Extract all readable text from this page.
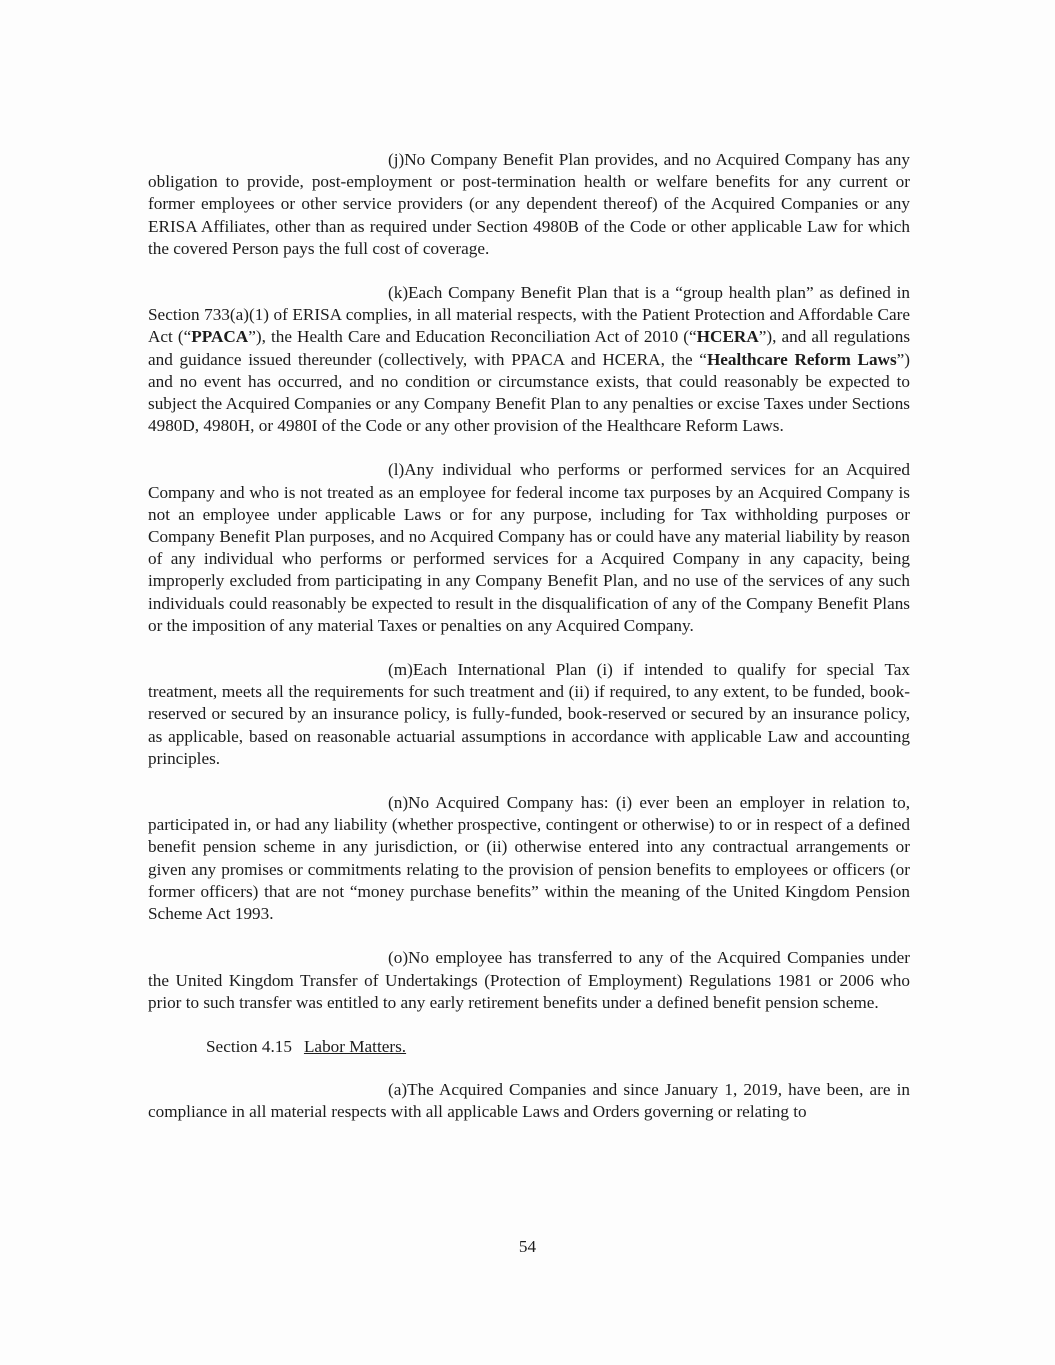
(j)No Company Benefit Plan provides, and no Acquired Company has any obligation to provide, post-employment or post-termination health or welfare benefits for any current or former employees or other service providers (or any dependent thereof) of the Acquired Companies or any ERISA Affiliates, other than as required under Section 4980B of the Code or other applicable Law for which the covered Person pays the full cost of coverage.

(k)Each Company Benefit Plan that is a “group health plan” as defined in Section 733(a)(1) of ERISA complies, in all material respects, with the Patient Protection and Affordable Care Act (“PPACA”), the Health Care and Education Reconciliation Act of 2010 (“HCERA”), and all regulations and guidance issued thereunder (collectively, with PPACA and HCERA, the “Healthcare Reform Laws”) and no event has occurred, and no condition or circumstance exists, that could reasonably be expected to subject the Acquired Companies or any Company Benefit Plan to any penalties or excise Taxes under Sections 4980D, 4980H, or 4980I of the Code or any other provision of the Healthcare Reform Laws.

(l)Any individual who performs or performed services for an Acquired Company and who is not treated as an employee for federal income tax purposes by an Acquired Company is not an employee under applicable Laws or for any purpose, including for Tax withholding purposes or Company Benefit Plan purposes, and no Acquired Company has or could have any material liability by reason of any individual who performs or performed services for a Acquired Company in any capacity, being improperly excluded from participating in any Company Benefit Plan, and no use of the services of any such individuals could reasonably be expected to result in the disqualification of any of the Company Benefit Plans or the imposition of any material Taxes or penalties on any Acquired Company.

(m)Each International Plan (i) if intended to qualify for special Tax treatment, meets all the requirements for such treatment and (ii) if required, to any extent, to be funded, book-reserved or secured by an insurance policy, is fully-funded, book-reserved or secured by an insurance policy, as applicable, based on reasonable actuarial assumptions in accordance with applicable Law and accounting principles.

(n)No Acquired Company has: (i) ever been an employer in relation to, participated in, or had any liability (whether prospective, contingent or otherwise) to or in respect of a defined benefit pension scheme in any jurisdiction, or (ii) otherwise entered into any contractual arrangements or given any promises or commitments relating to the provision of pension benefits to employees or officers (or former officers) that are not “money purchase benefits” within the meaning of the United Kingdom Pension Scheme Act 1993.

(o)No employee has transferred to any of the Acquired Companies under the United Kingdom Transfer of Undertakings (Protection of Employment) Regulations 1981 or 2006 who prior to such transfer was entitled to any early retirement benefits under a defined benefit pension scheme.

Section 4.15 Labor Matters.

(a)The Acquired Companies and since January 1, 2019, have been, are in compliance in all material respects with all applicable Laws and Orders governing or relating to

54
